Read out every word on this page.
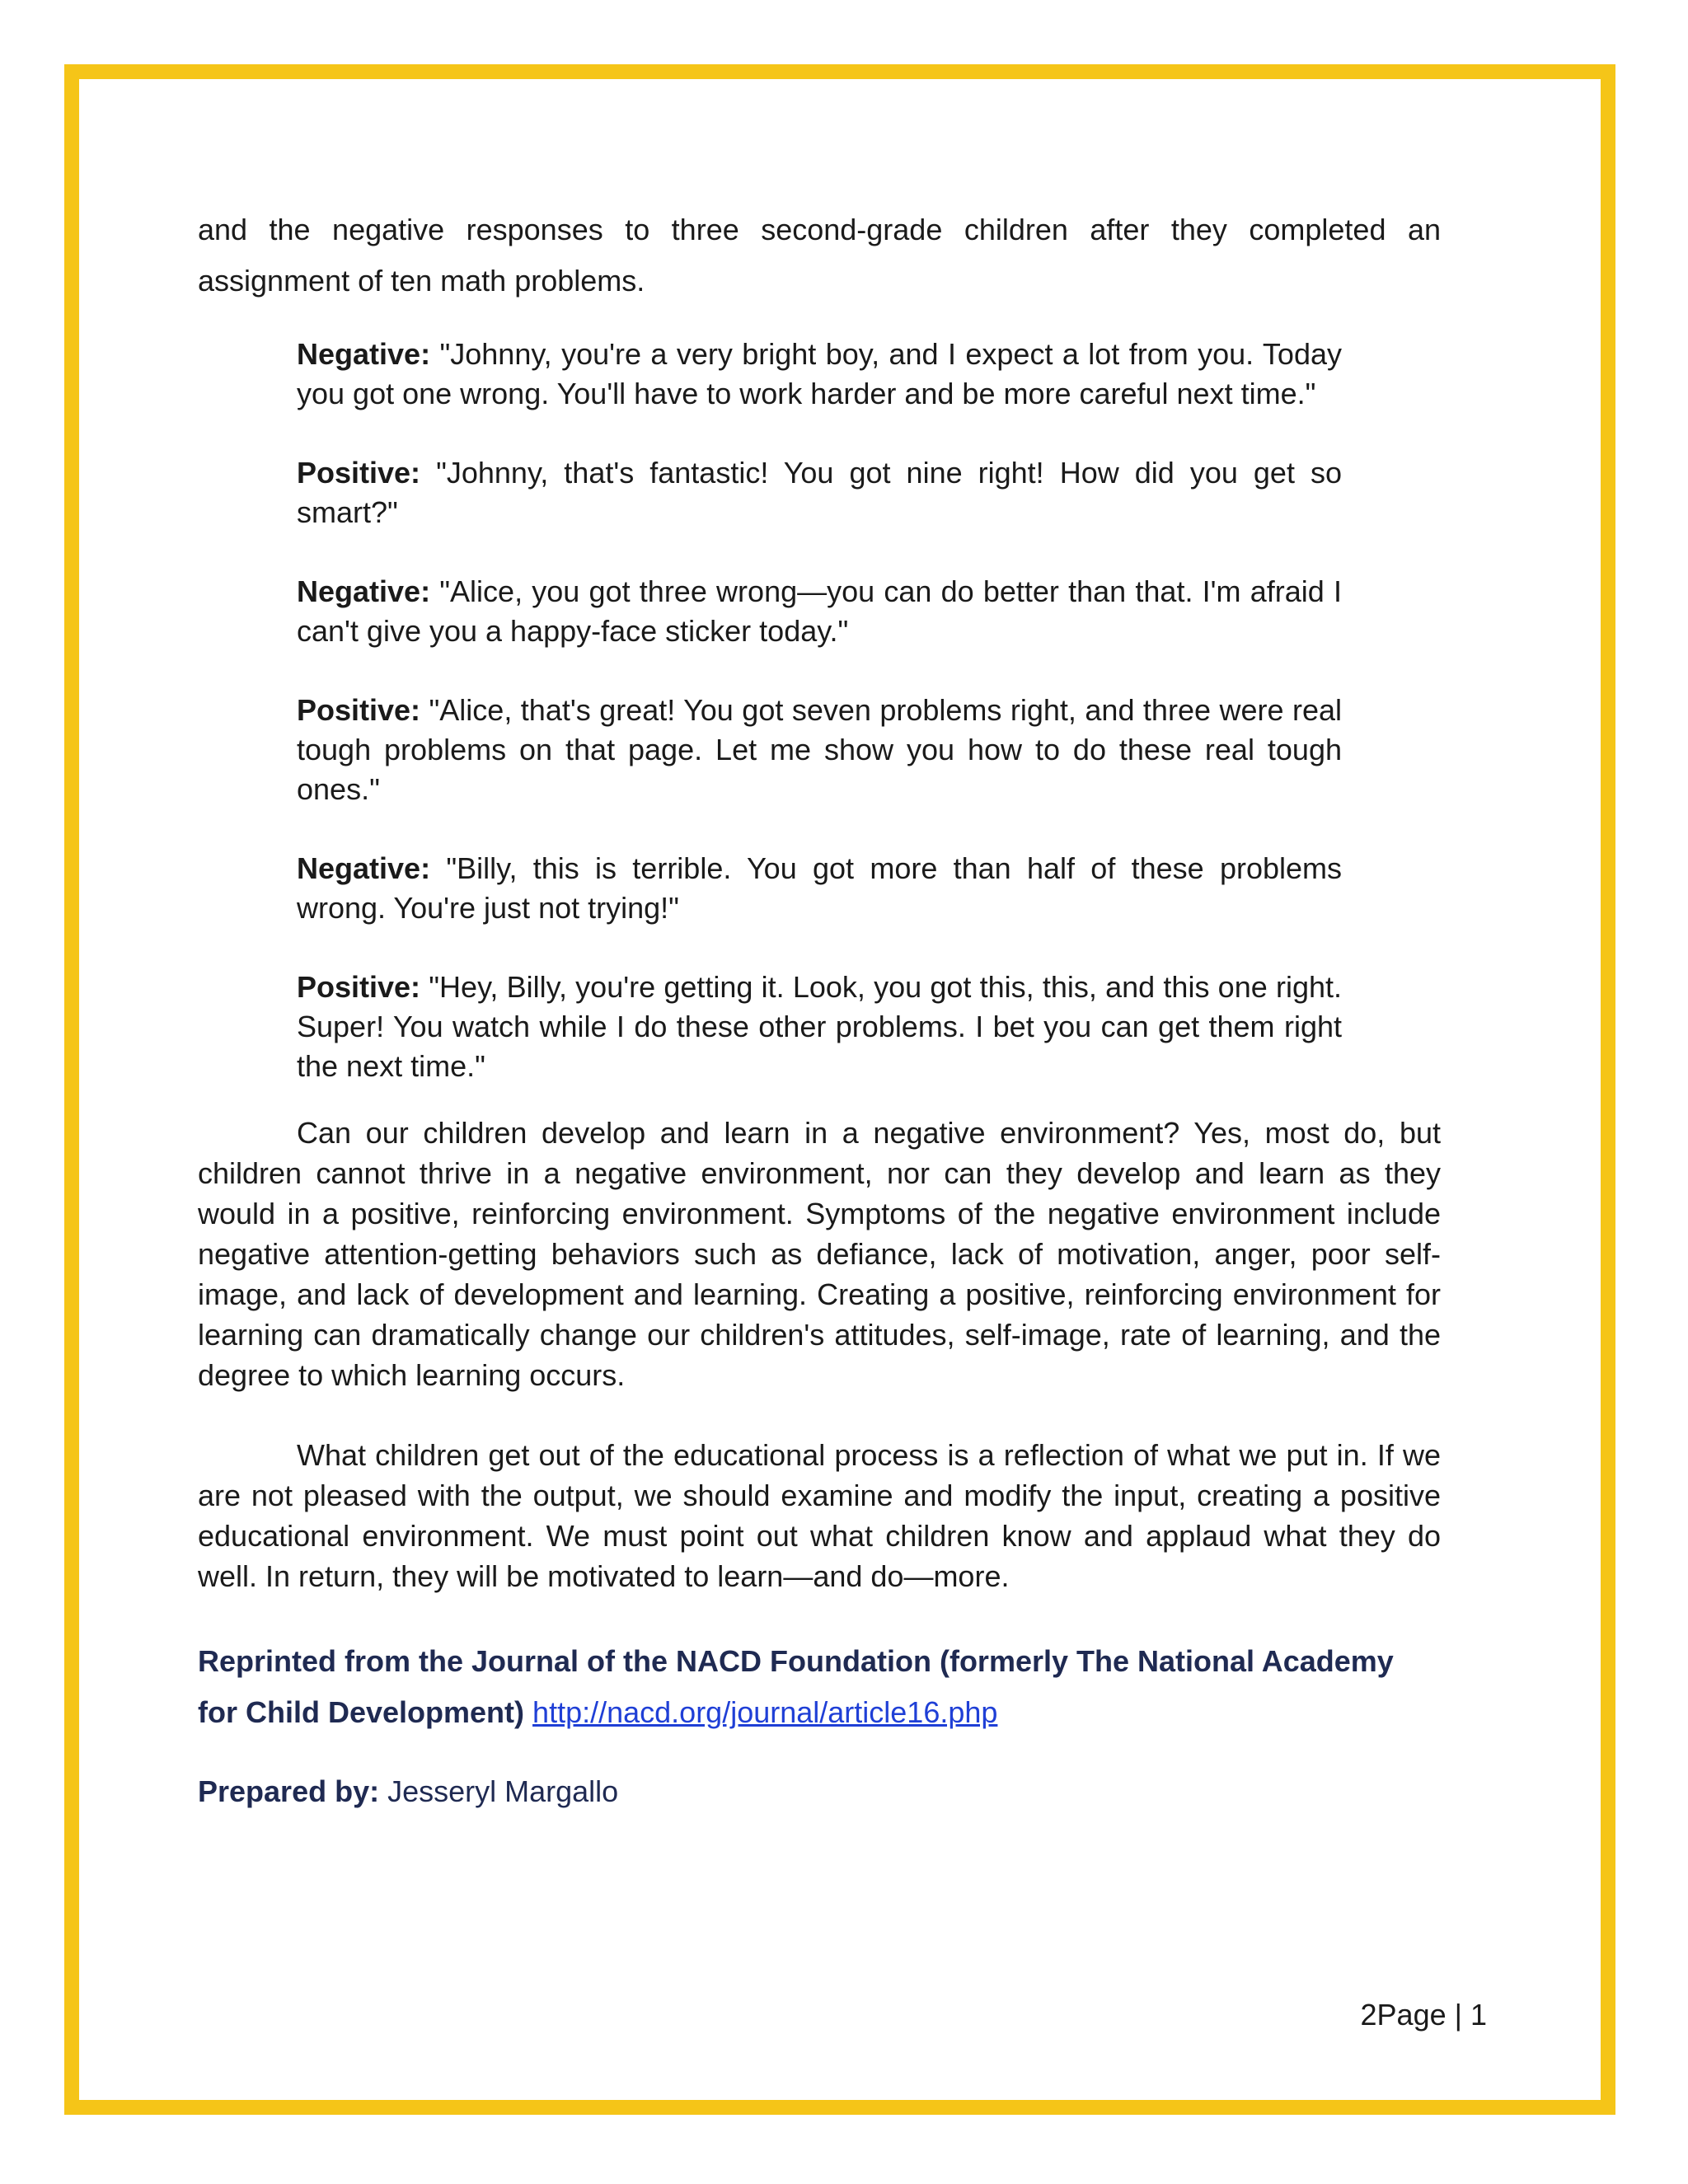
and the negative responses to three second-grade children after they completed an assignment of ten math problems.

Negative: "Johnny, you're a very bright boy, and I expect a lot from you. Today you got one wrong. You'll have to work harder and be more careful next time."

Positive: "Johnny, that's fantastic! You got nine right! How did you get so smart?"

Negative: "Alice, you got three wrong—you can do better than that. I'm afraid I can't give you a happy-face sticker today."

Positive: "Alice, that's great! You got seven problems right, and three were real tough problems on that page. Let me show you how to do these real tough ones."

Negative: "Billy, this is terrible. You got more than half of these problems wrong. You're just not trying!"

Positive: "Hey, Billy, you're getting it. Look, you got this, this, and this one right. Super! You watch while I do these other problems. I bet you can get them right the next time."

Can our children develop and learn in a negative environment? Yes, most do, but children cannot thrive in a negative environment, nor can they develop and learn as they would in a positive, reinforcing environment. Symptoms of the negative environment include negative attention-getting behaviors such as defiance, lack of motivation, anger, poor self-image, and lack of development and learning. Creating a positive, reinforcing environment for learning can dramatically change our children's attitudes, self-image, rate of learning, and the degree to which learning occurs.

What children get out of the educational process is a reflection of what we put in. If we are not pleased with the output, we should examine and modify the input, creating a positive educational environment. We must point out what children know and applaud what they do well. In return, they will be motivated to learn—and do—more.

Reprinted from the Journal of the NACD Foundation (formerly The National Academy for Child Development) http://nacd.org/journal/article16.php

Prepared by: Jesseryl Margallo

2Page | 1
